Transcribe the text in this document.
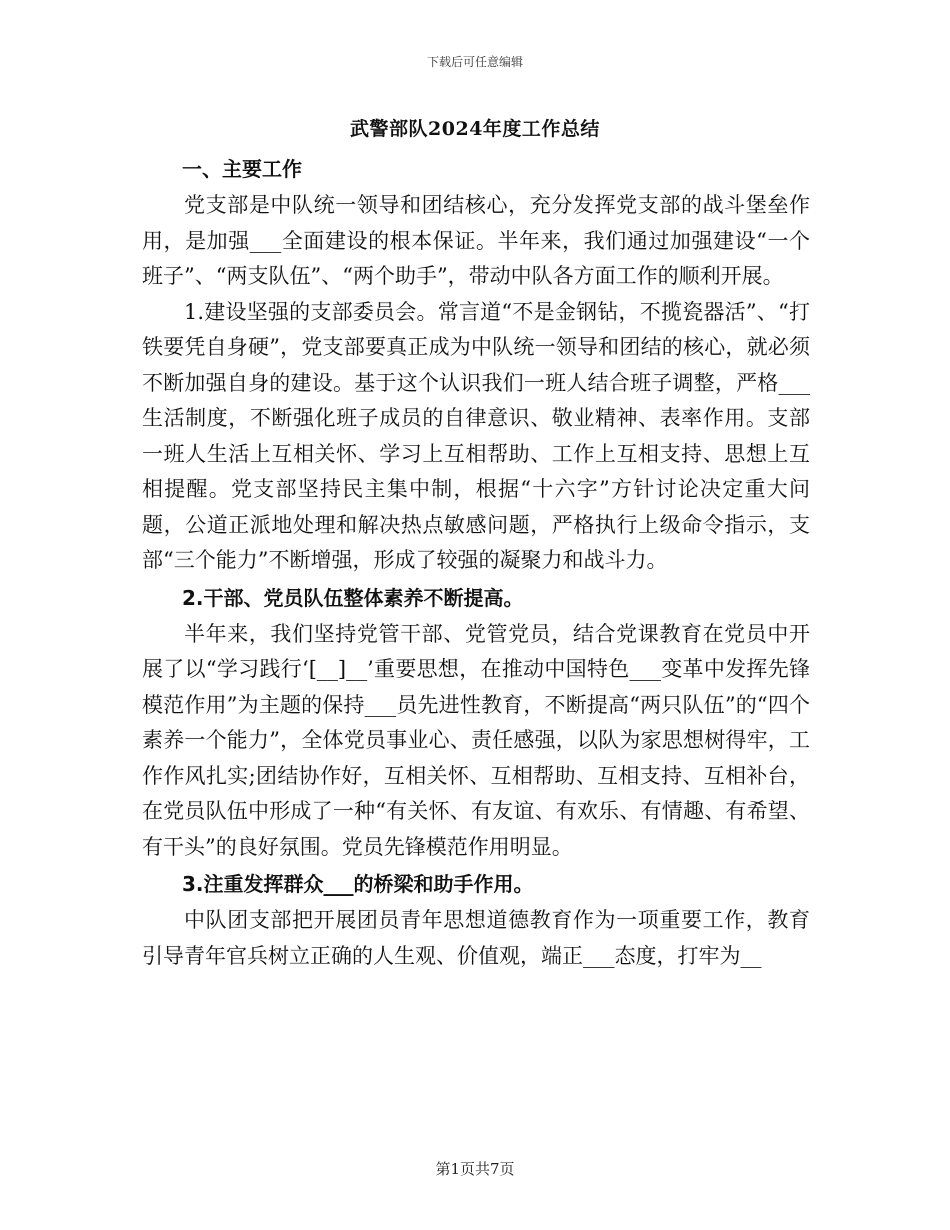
下载后可任意编辑
武警部队2024年度工作总结

一、主要工作

党支部是中队统一领导和团结核心，充分发挥党支部的战斗堡垒作用，是加强___全面建设的根本保证。半年来，我们通过加强建设“一个班子”、“两支队伍”、“两个助手”，带动中队各方面工作的顺利开展。

1.建设坚强的支部委员会。常言道“不是金钢钻，不揽瓷器活”、“打铁要凭自身硬”，党支部要真正成为中队统一领导和团结的核心，就必须不断加强自身的建设。基于这个认识我们一班人结合班子调整，严格___生活制度，不断强化班子成员的自律意识、敬业精神、表率作用。支部一班人生活上互相关怀、学习上互相帮助、工作上互相支持、思想上互相提醒。党支部坚持民主集中制，根据“十六字”方针讨论决定重大问题，公道正派地处理和解决热点敏感问题，严格执行上级命令指示，支部“三个能力”不断增强，形成了较强的凝聚力和战斗力。

2.干部、党员队伍整体素养不断提高。

半年来，我们坚持党管干部、党管党员，结合党课教育在党员中开展了以“学习践行‘[__]__’重要思想，在推动中国特色___变革中发挥先锋模范作用”为主题的保持___员先进性教育，不断提高“两只队伍”的“四个素养一个能力”，全体党员事业心、责任感强，以队为家思想树得牢，工作作风扎实;团结协作好，互相关怀、互相帮助、互相支持、互相补台，在党员队伍中形成了一种“有关怀、有友谊、有欢乐、有情趣、有希望、有干头”的良好氛围。党员先锋模范作用明显。

3.注重发挥群众___的桥梁和助手作用。

中队团支部把开展团员青年思想道德教育作为一项重要工作，教育引导青年官兵树立正确的人生观、价值观，端正___态度，打牢为__

第1页共7页
